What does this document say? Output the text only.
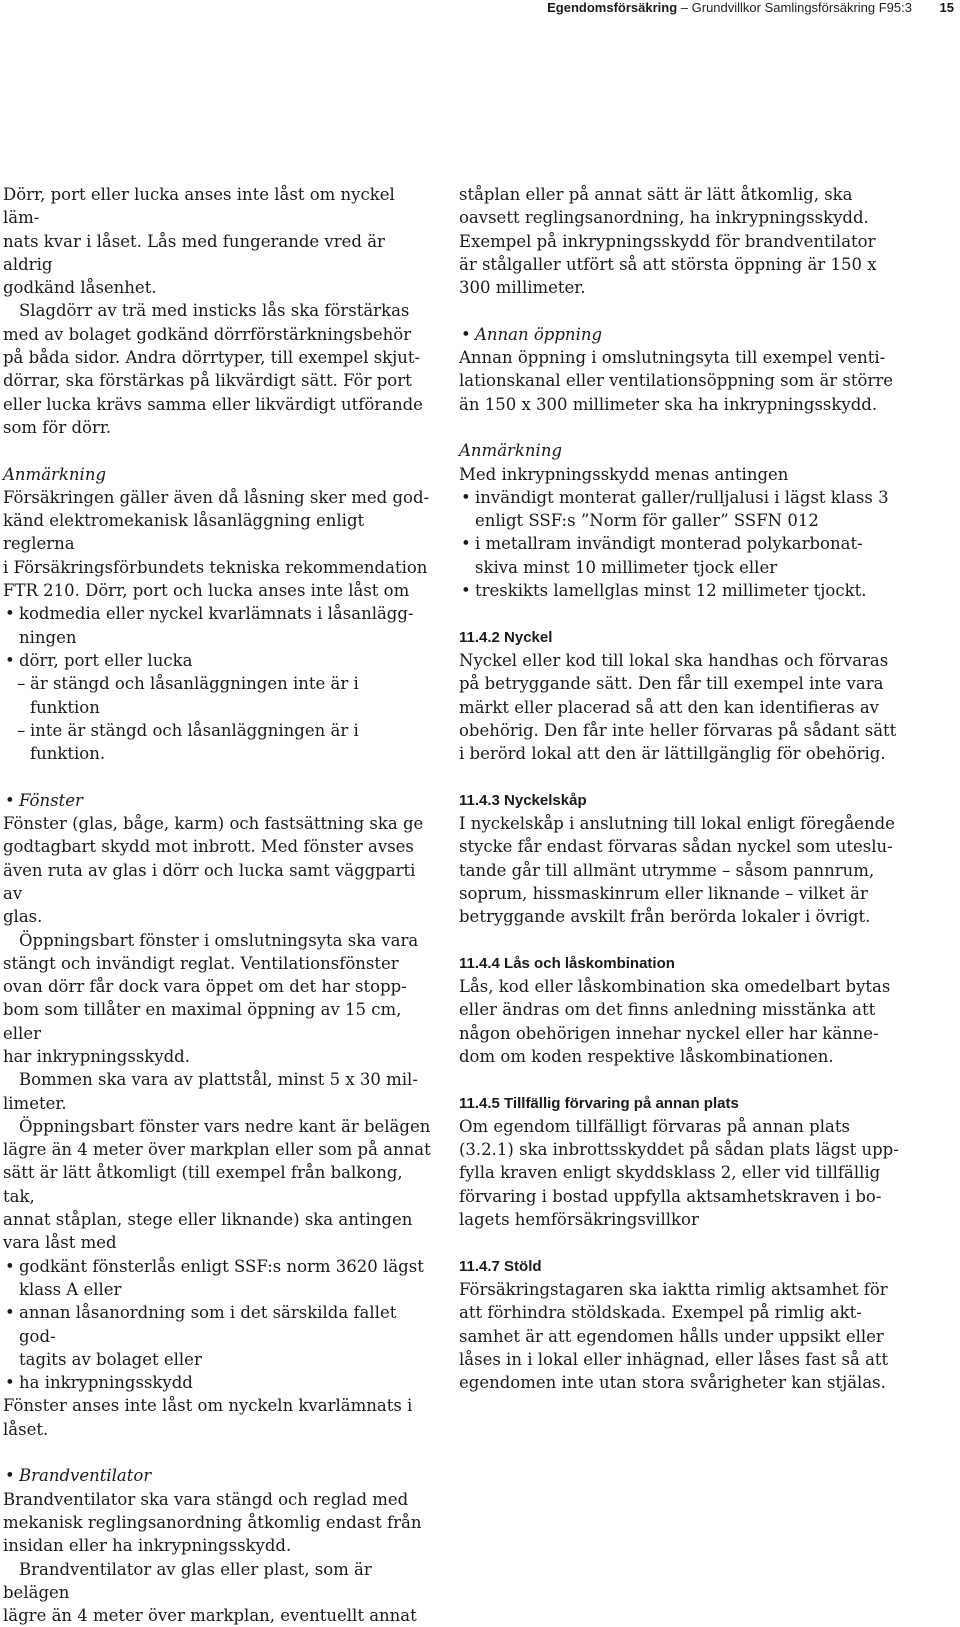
Egendomsförsäkring – Grundvillkor Samlingsförsäkring F95:3 15

Dörr, port eller lucka anses inte låst om nyckel läm-

nats kvar i låset. Lås med fungerande vred är aldrig

godkänd låsenhet.

Slagdörr av trä med insticks lås ska förstärkas

med av bolaget godkänd dörrförstärkningsbehör

på båda sidor. Andra dörrtyper, till exempel skjut-

dörrar, ska förstärkas på likvärdigt sätt. För port

eller lucka krävs samma eller likvärdigt utförande

som för dörr.

Anmärkning

Försäkringen gäller även då låsning sker med god-

känd elektromekanisk låsanläggning enligt reglerna

i Försäkringsförbundets tekniska rekommendation

FTR 210. Dörr, port och lucka anses inte låst om

• kodmedia eller nyckel kvarlämnats i låsanlägg-

ningen

• dörr, port eller lucka

– är stängd och låsanläggningen inte är i funktion

– inte är stängd och låsanläggningen är i funktion.

• Fönster

Fönster (glas, båge, karm) och fastsättning ska ge

godtagbart skydd mot inbrott. Med fönster avses

även ruta av glas i dörr och lucka samt väggparti av

glas.

Öppningsbart fönster i omslutningsyta ska vara

stängt och invändigt reglat. Ventilationsfönster

ovan dörr får dock vara öppet om det har stopp-

bom som tillåter en maximal öppning av 15 cm, eller

har inkrypningsskydd.

Bommen ska vara av plattstål, minst 5 x 30 mil-

limeter.

Öppningsbart fönster vars nedre kant är belägen

lägre än 4 meter över markplan eller som på annat

sätt är lätt åtkomligt (till exempel från balkong, tak,

annat ståplan, stege eller liknande) ska antingen

vara låst med

• godkänt fönsterlås enligt SSF:s norm 3620 lägst

klass A eller

• annan låsanordning som i det särskilda fallet god-

tagits av bolaget eller

• ha inkrypningsskydd

Fönster anses inte låst om nyckeln kvarlämnats i

låset.

• Brandventilator

Brandventilator ska vara stängd och reglad med

mekanisk reglingsanordning åtkomlig endast från

insidan eller ha inkrypningsskydd.

Brandventilator av glas eller plast, som är belägen

lägre än 4 meter över markplan, eventuellt annat

ståplan eller på annat sätt är lätt åtkomlig, ska

oavsett reglingsanordning, ha inkrypningsskydd.

Exempel på inkrypningsskydd för brandventilator

är stålgaller utfört så att största öppning är 150 x

300 millimeter.

• Annan öppning

Annan öppning i omslutningsyta till exempel venti-

lationskanal eller ventilationsöppning som är större

än 150 x 300 millimeter ska ha inkrypningsskydd.

Anmärkning

Med inkrypningsskydd menas antingen

• invändigt monterat galler/rulljalusi i lägst klass 3

enligt SSF:s ”Norm för galler” SSFN 012

• i metallram invändigt monterad polykarbonat-

skiva minst 10 millimeter tjock eller

• treskikts lamellglas minst 12 millimeter tjockt.

11.4.2 Nyckel

Nyckel eller kod till lokal ska handhas och förvaras

på betryggande sätt. Den får till exempel inte vara

märkt eller placerad så att den kan identifieras av

obehörig. Den får inte heller förvaras på sådant sätt

i berörd lokal att den är lättillgänglig för obehörig.

11.4.3 Nyckelskåp

I nyckelskåp i anslutning till lokal enligt föregående

stycke får endast förvaras sådan nyckel som uteslu-

tande går till allmänt utrymme – såsom pannrum,

soprum, hissmaskinrum eller liknande – vilket är

betryggande avskilt från berörda lokaler i övrigt.

11.4.4 Lås och låskombination

Lås, kod eller låskombination ska omedelbart bytas

eller ändras om det finns anledning misstänka att

någon obehörigen innehar nyckel eller har känne-

dom om koden respektive låskombinationen.

11.4.5 Tillfällig förvaring på annan plats

Om egendom tillfälligt förvaras på annan plats

(3.2.1) ska inbrottsskyddet på sådan plats lägst upp-

fylla kraven enligt skyddsklass 2, eller vid tillfällig

förvaring i bostad uppfylla aktsamhetskraven i bo-

lagets hemförsäkringsvillkor

11.4.7 Stöld

Försäkringstagaren ska iaktta rimlig aktsamhet för

att förhindra stöldskada. Exempel på rimlig akt-

samhet är att egendomen hålls under uppsikt eller

låses in i lokal eller inhägnad, eller låses fast så att

egendomen inte utan stora svårigheter kan stjälas.
